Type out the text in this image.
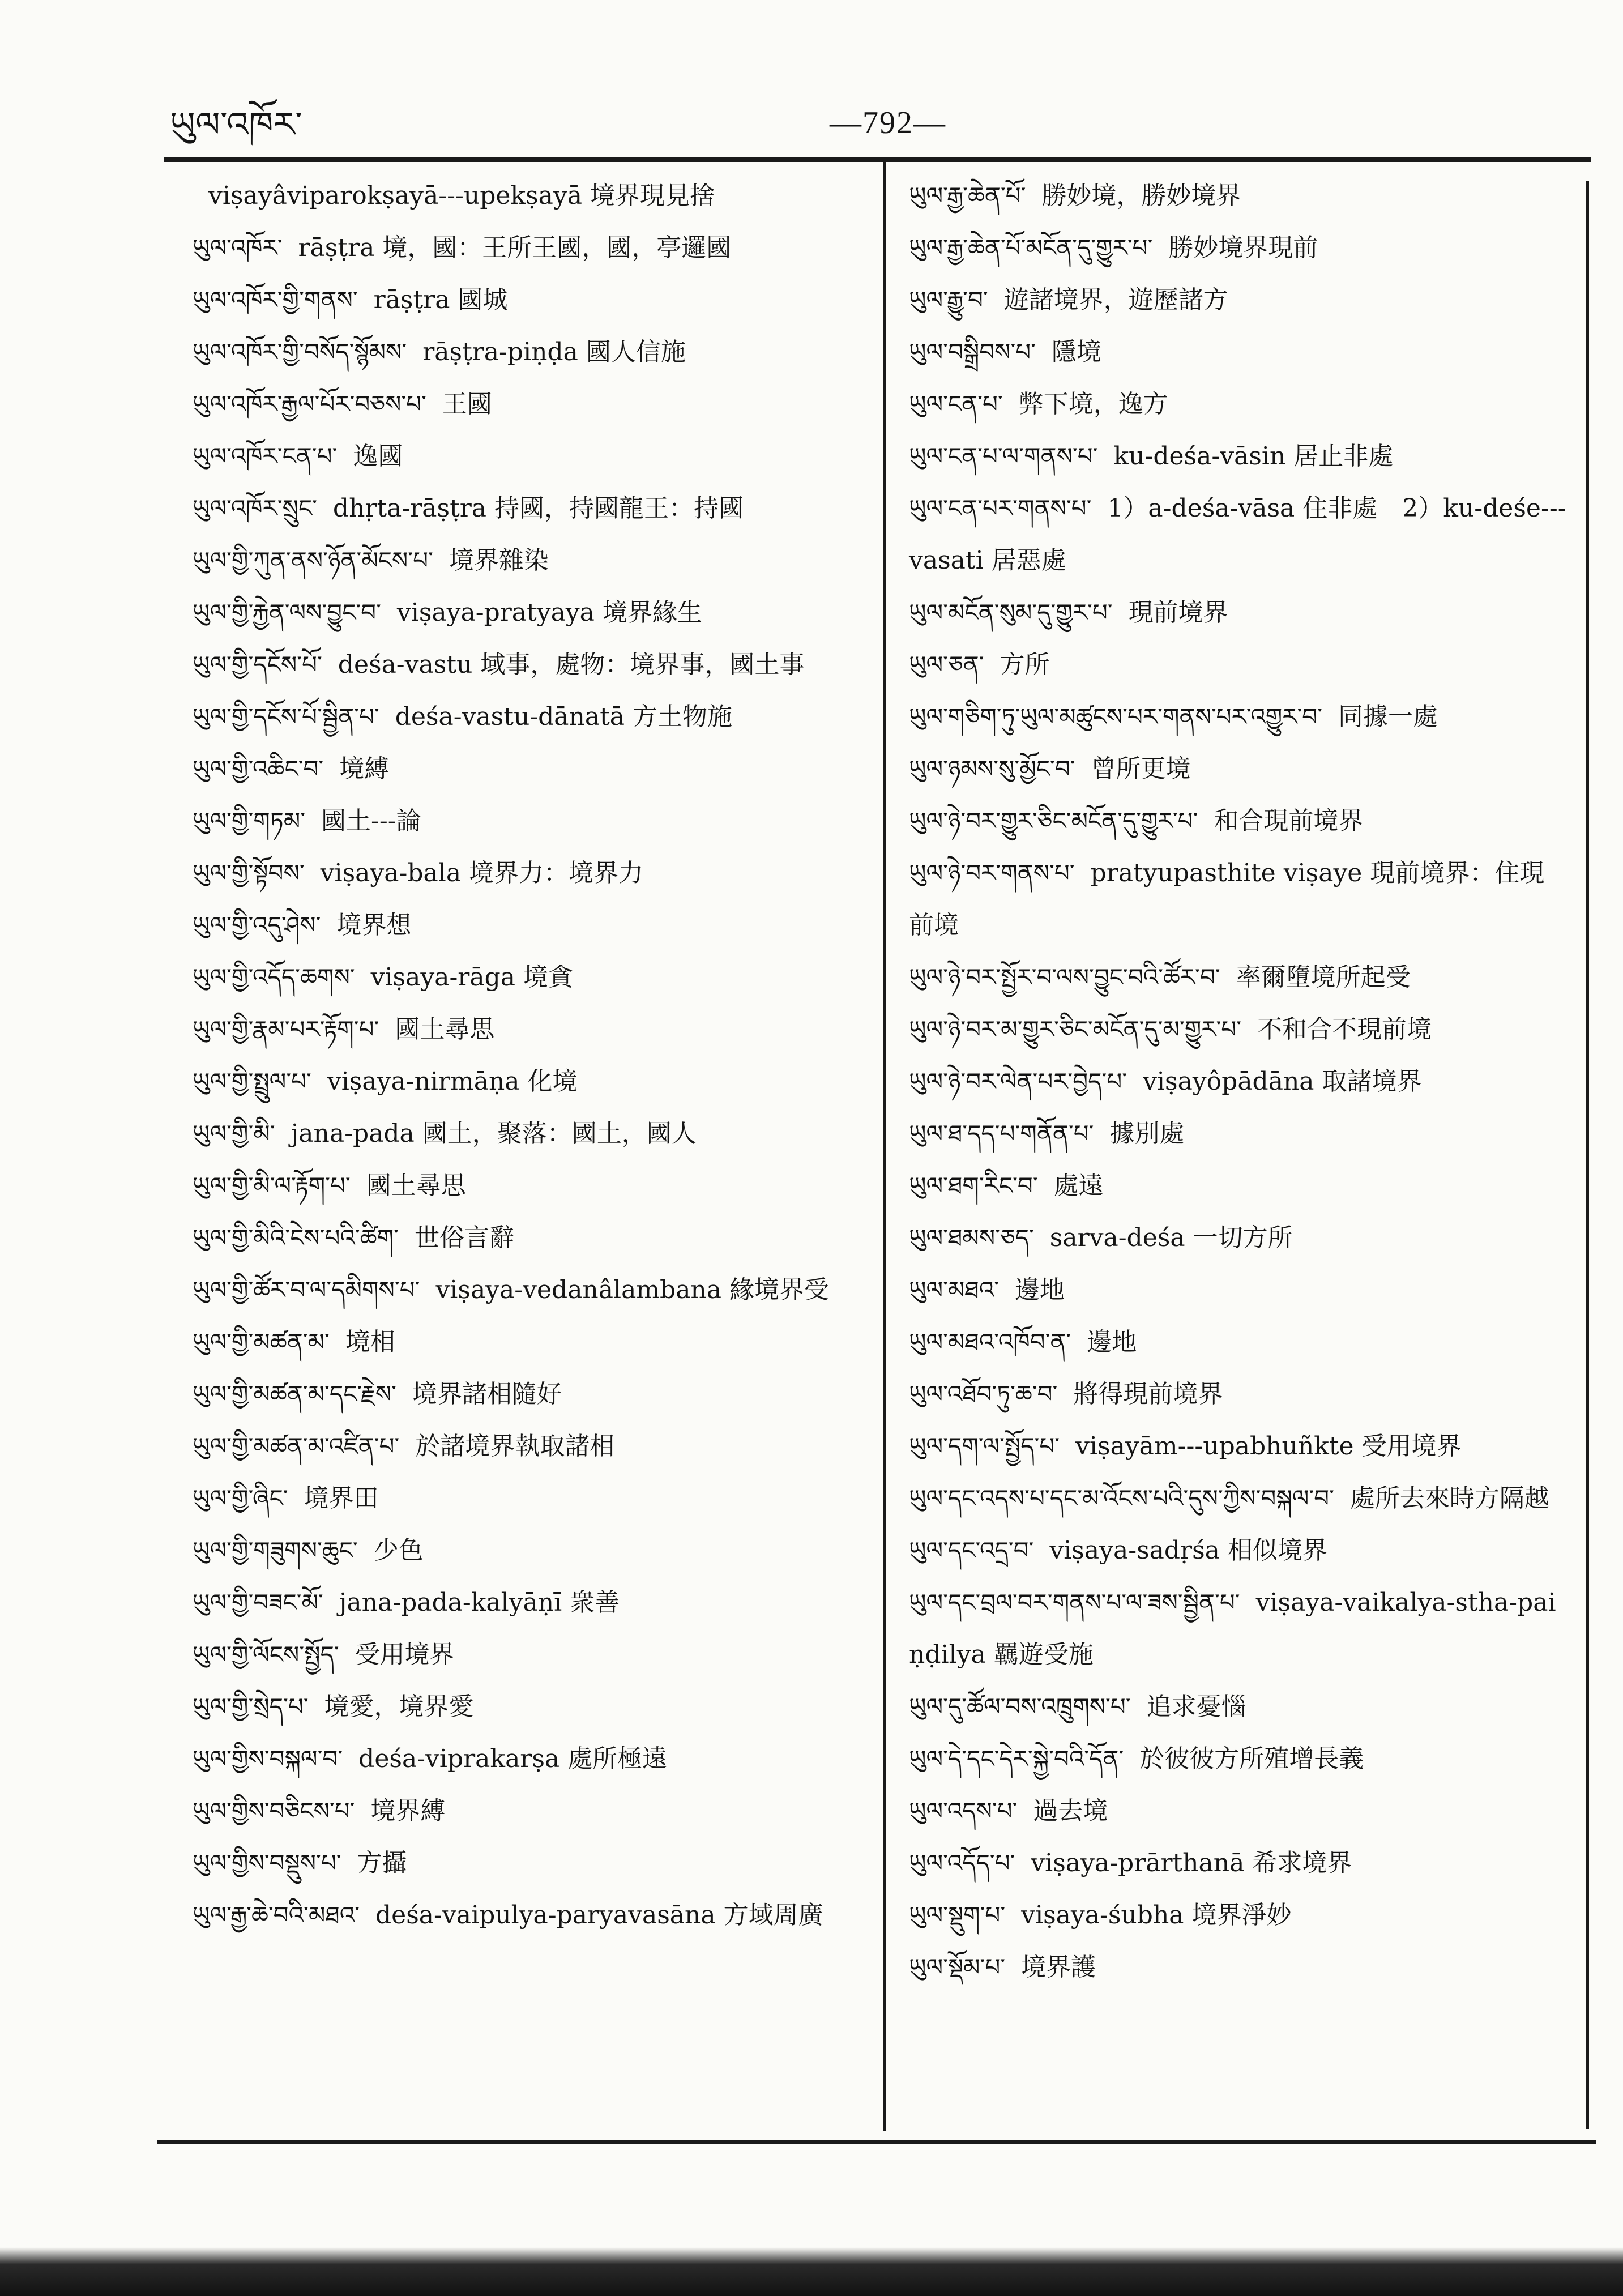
ཡུལ་འཁོར་	—792—
viṣayâviparokṣayā---upekṣayā 境界現見捨
ཡུལ་འཁོར་ rāṣṭra 境，國：王所王國，國，亭邏國
ཡུལ་འཁོར་གྱི་གནས་ rāṣṭra 國城
ཡུལ་འཁོར་གྱི་བསོད་སྙོམས་ rāṣṭra-piṇḍa 國人信施
ཡུལ་འཁོར་རྒྱལ་པོར་བཅས་པ་ 王國
ཡུལ་འཁོར་ངན་པ་ 逸國
ཡུལ་འཁོར་སྲུང་ dhṛta-rāṣṭra 持國，持國龍王：持國
ཡུལ་གྱི་ཀུན་ནས་ཉོན་མོངས་པ་ 境界雜染
ཡུལ་གྱི་རྐྱེན་ལས་བྱུང་བ་ viṣaya-pratyaya 境界緣生
ཡུལ་གྱི་དངོས་པོ་ deśa-vastu 域事，處物：境界事，國土事
ཡུལ་གྱི་དངོས་པོ་སྦྱིན་པ་ deśa-vastu-dānatā 方土物施
ཡུལ་གྱི་འཆིང་བ་ 境縛
ཡུལ་གྱི་གཏམ་ 國土---論
ཡུལ་གྱི་སྟོབས་ viṣaya-bala 境界力：境界力
ཡུལ་གྱི་འདུ་ཤེས་ 境界想
ཡུལ་གྱི་འདོད་ཆགས་ viṣaya-rāga 境貪
ཡུལ་གྱི་རྣམ་པར་རྟོག་པ་ 國土尋思
ཡུལ་གྱི་སྤྲུལ་པ་ viṣaya-nirmāṇa 化境
ཡུལ་གྱི་མི་ jana-pada 國土，聚落：國土，國人
ཡུལ་གྱི་མི་ལ་རྟོག་པ་ 國土尋思
ཡུལ་གྱི་མིའི་ངེས་པའི་ཚིག་ 世俗言辭
ཡུལ་གྱི་ཚོར་བ་ལ་དམིགས་པ་ viṣaya-vedanâlambana 緣境界受
ཡུལ་གྱི་མཚན་མ་ 境相
ཡུལ་གྱི་མཚན་མ་དང་རྗེས་ 境界諸相隨好
ཡུལ་གྱི་མཚན་མ་འཛིན་པ་ 於諸境界執取諸相
ཡུལ་གྱི་ཞིང་ 境界田
ཡུལ་གྱི་གཟུགས་ཆུང་ 少色
ཡུལ་གྱི་བཟང་མོ་ jana-pada-kalyāṇī 衆善
ཡུལ་གྱི་ལོངས་སྤྱོད་ 受用境界
ཡུལ་གྱི་སྲེད་པ་ 境愛，境界愛
ཡུལ་གྱིས་བསྐལ་བ་ deśa-viprakarṣa 處所極遠
ཡུལ་གྱིས་བཅིངས་པ་ 境界縛
ཡུལ་གྱིས་བསྡུས་པ་ 方攝
ཡུལ་རྒྱ་ཆེ་བའི་མཐའ་ deśa-vaipulya-paryavasāna 方域周廣
ཡུལ་རྒྱ་ཆེན་པོ་ 勝妙境，勝妙境界
ཡུལ་རྒྱ་ཆེན་པོ་མངོན་དུ་གྱུར་པ་ 勝妙境界現前
ཡུལ་རྒྱུ་བ་ 遊諸境界，遊歷諸方
ཡུལ་བསྒྲིབས་པ་ 隱境
ཡུལ་ངན་པ་ 弊下境，逸方
ཡུལ་ངན་པ་ལ་གནས་པ་ ku-deśa-vāsin 居止非處
ཡུལ་ངན་པར་གནས་པ་ 1）a-deśa-vāsa 住非處　2）ku-deśe---vasati 居惡處
ཡུལ་མངོན་སུམ་དུ་གྱུར་པ་ 現前境界
ཡུལ་ཅན་ 方所
ཡུལ་གཅིག་ཏུ་ཡུལ་མཚུངས་པར་གནས་པར་འགྱུར་བ་ 同據一處
ཡུལ་ཉམས་སུ་མྱོང་བ་ 曾所更境
ཡུལ་ཉེ་བར་གྱུར་ཅིང་མངོན་དུ་གྱུར་པ་ 和合現前境界
ཡུལ་ཉེ་བར་གནས་པ་ pratyupasthite viṣaye 現前境界：住現前境
ཡུལ་ཉེ་བར་སྤྱོར་བ་ལས་བྱུང་བའི་ཚོར་བ་ 率爾墮境所起受
ཡུལ་ཉེ་བར་མ་གྱུར་ཅིང་མངོན་དུ་མ་གྱུར་པ་ 不和合不現前境
ཡུལ་ཉེ་བར་ལེན་པར་བྱེད་པ་ viṣayôpādāna 取諸境界
ཡུལ་ཐ་དད་པ་གནོན་པ་ 據別處
ཡུལ་ཐག་རིང་བ་ 處遠
ཡུལ་ཐམས་ཅད་ sarva-deśa 一切方所
ཡུལ་མཐའ་ 邊地
ཡུལ་མཐའ་འཁོབ་ན་ 邊地
ཡུལ་འཐོབ་ཏུ་ཆ་བ་ 將得現前境界
ཡུལ་དག་ལ་སྤྱོད་པ་ viṣayām---upabhuñkte 受用境界
ཡུལ་དང་འདས་པ་དང་མ་འོངས་པའི་དུས་ཀྱིས་བསྐལ་བ་ 處所去來時方隔越
ཡུལ་དང་འདྲ་བ་ viṣaya-sadṛśa 相似境界
ཡུལ་དང་བྲལ་བར་གནས་པ་ལ་ཟས་སྦྱིན་པ་ viṣaya-vaikalya-stha-paiṇḍilya 羈遊受施
ཡུལ་དུ་ཚོལ་བས་འཁྲུགས་པ་ 追求憂惱
ཡུལ་དེ་དང་དེར་སྐྱེ་བའི་དོན་ 於彼彼方所殖增長義
ཡུལ་འདས་པ་ 過去境
ཡུལ་འདོད་པ་ viṣaya-prārthanā 希求境界
ཡུལ་སྡུག་པ་ viṣaya-śubha 境界淨妙
ཡུལ་སྡོམ་པ་ 境界護
